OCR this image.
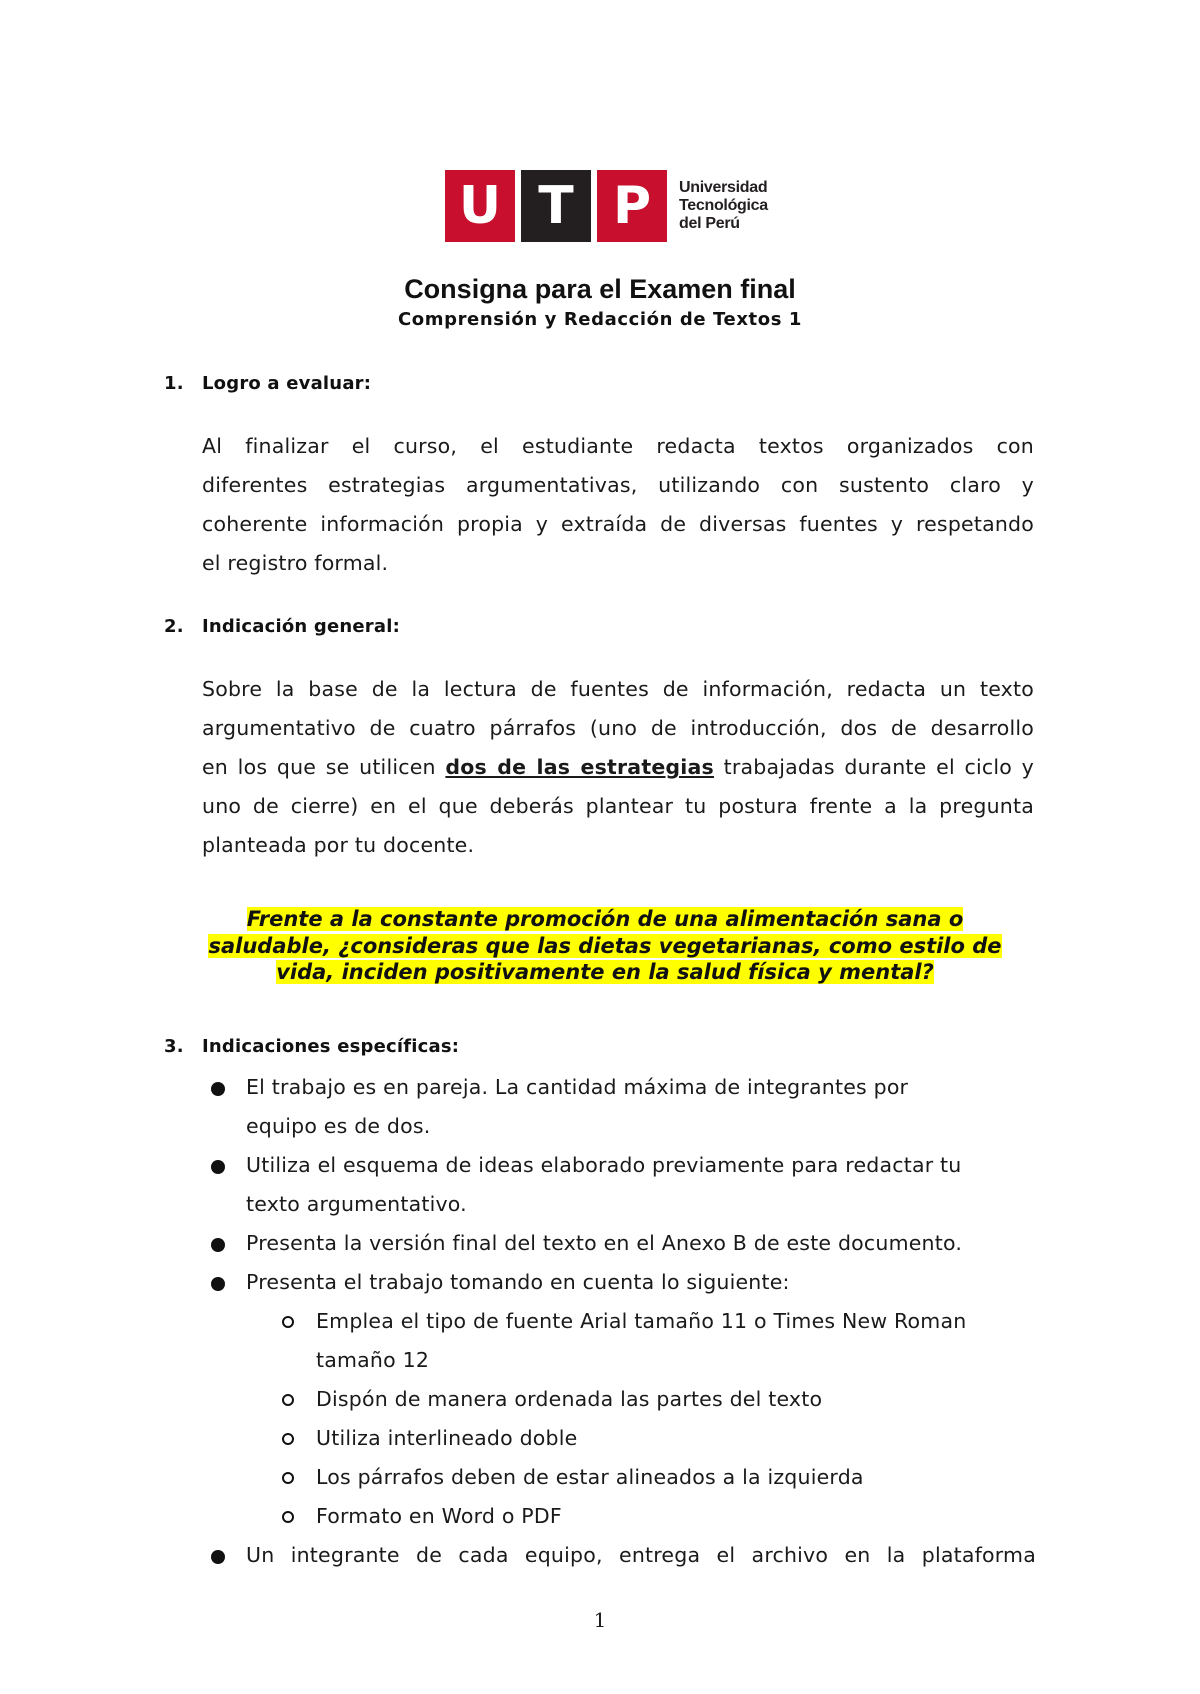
U T P	Universidad
Tecnológica
del Perú
Consigna para el Examen final
Comprensión y Redacción de Textos 1
1. Logro a evaluar:
Al finalizar el curso, el estudiante redacta textos organizados con
diferentes estrategias argumentativas, utilizando con sustento claro y
coherente información propia y extraída de diversas fuentes y respetando
el registro formal.
2. Indicación general:
Sobre la base de la lectura de fuentes de información, redacta un texto
argumentativo de cuatro párrafos (uno de introducción, dos de desarrollo
en los que se utilicen dos de las estrategias trabajadas durante el ciclo y
uno de cierre) en el que deberás plantear tu postura frente a la pregunta
planteada por tu docente.
Frente a la constante promoción de una alimentación sana o
saludable, ¿consideras que las dietas vegetarianas, como estilo de
vida, inciden positivamente en la salud física y mental?
3. Indicaciones específicas:
El trabajo es en pareja. La cantidad máxima de integrantes por
equipo es de dos.
Utiliza el esquema de ideas elaborado previamente para redactar tu
texto argumentativo.
Presenta la versión final del texto en el Anexo B de este documento.
Presenta el trabajo tomando en cuenta lo siguiente:
Emplea el tipo de fuente Arial tamaño 11 o Times New Roman
tamaño 12
Dispón de manera ordenada las partes del texto
Utiliza interlineado doble
Los párrafos deben de estar alineados a la izquierda
Formato en Word o PDF
Un integrante de cada equipo, entrega el archivo en la plataforma
1
